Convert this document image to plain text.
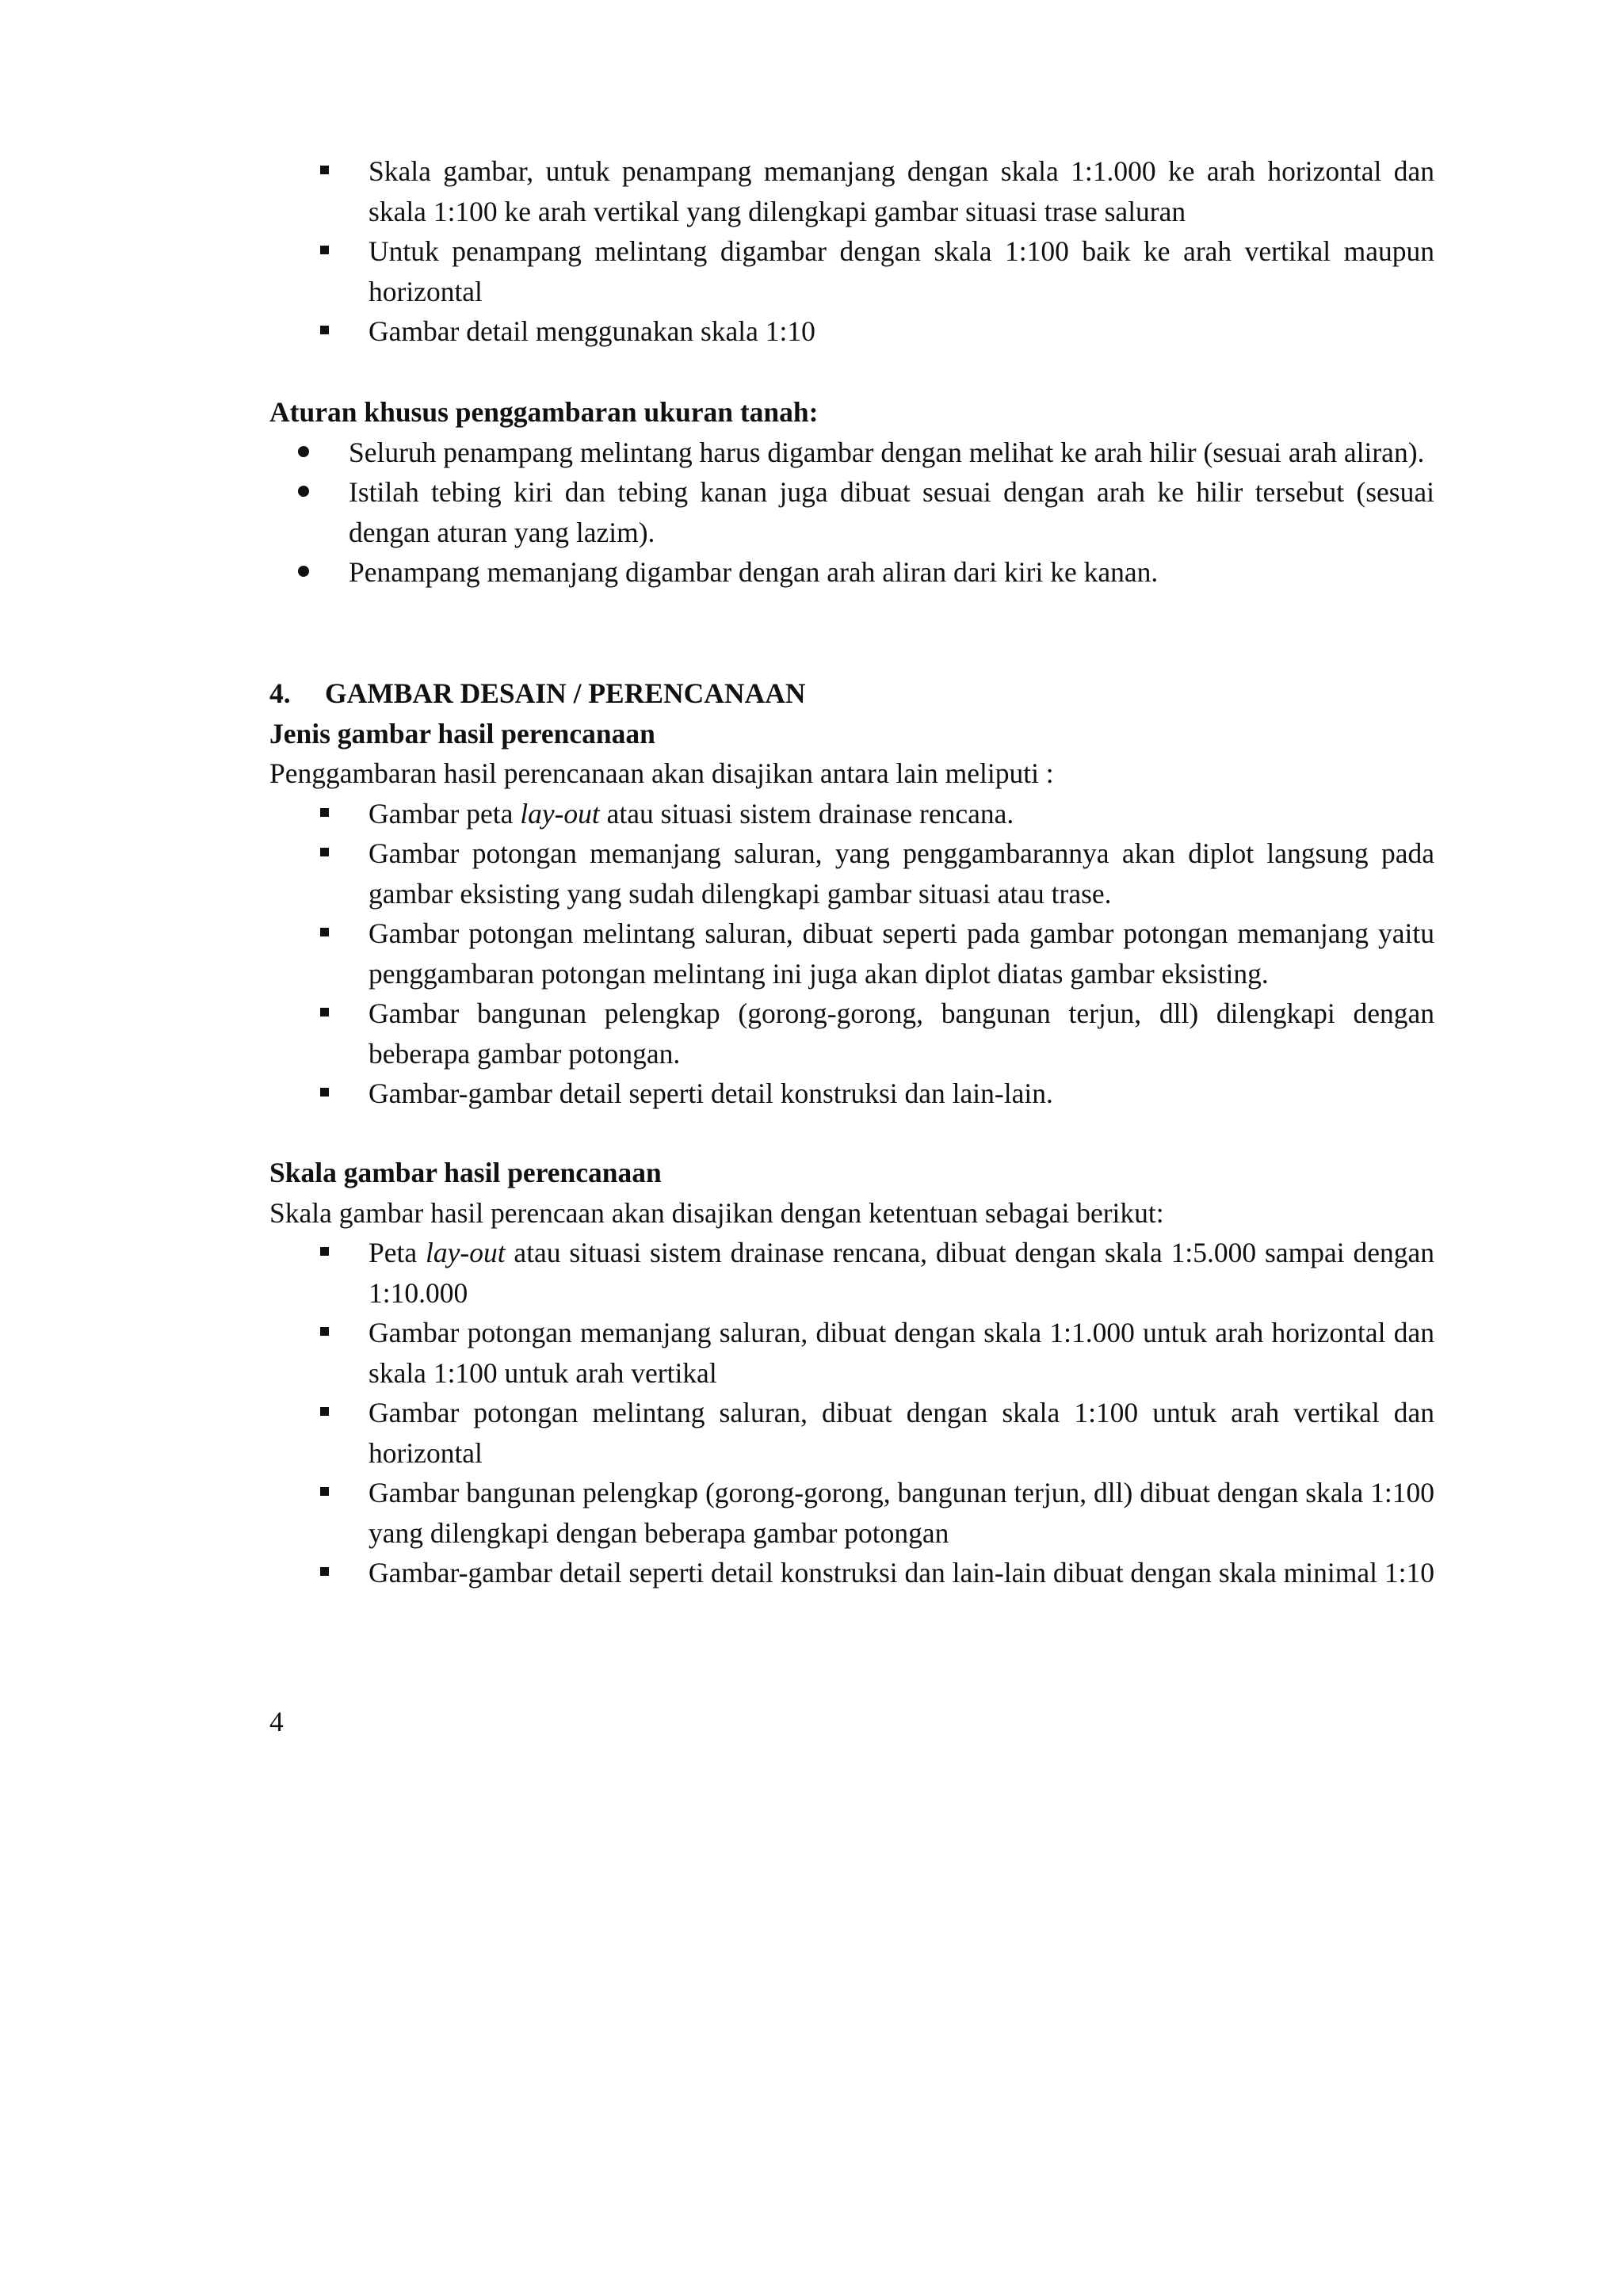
Skala gambar, untuk penampang memanjang dengan skala 1:1.000 ke arah horizontal dan skala 1:100 ke arah vertikal yang dilengkapi gambar situasi trase saluran
Untuk penampang melintang digambar dengan skala 1:100 baik ke arah vertikal maupun horizontal
Gambar detail menggunakan skala 1:10

Aturan khusus penggambaran ukuran tanah:

Seluruh penampang melintang harus digambar dengan melihat ke arah hilir (sesuai arah aliran).
Istilah tebing kiri dan tebing kanan juga dibuat sesuai dengan arah ke hilir tersebut (sesuai dengan aturan yang lazim).
Penampang memanjang digambar dengan arah aliran dari kiri ke kanan.

4. GAMBAR DESAIN / PERENCANAAN

Jenis gambar hasil perencanaan

Penggambaran hasil perencanaan akan disajikan antara lain meliputi :

Gambar peta lay-out atau situasi sistem drainase rencana.
Gambar potongan memanjang saluran, yang penggambarannya akan diplot langsung pada gambar eksisting yang sudah dilengkapi gambar situasi atau trase.
Gambar potongan melintang saluran, dibuat seperti pada gambar potongan memanjang yaitu penggambaran potongan melintang ini juga akan diplot diatas gambar eksisting.
Gambar bangunan pelengkap (gorong-gorong, bangunan terjun, dll) dilengkapi dengan beberapa gambar potongan.
Gambar-gambar detail seperti detail konstruksi dan lain-lain.

Skala gambar hasil perencanaan

Skala gambar hasil perencaan akan disajikan dengan ketentuan sebagai berikut:

Peta lay-out atau situasi sistem drainase rencana, dibuat dengan skala 1:5.000 sampai dengan 1:10.000
Gambar potongan memanjang saluran, dibuat dengan skala 1:1.000 untuk arah horizontal dan skala 1:100 untuk arah vertikal
Gambar potongan melintang saluran, dibuat dengan skala 1:100 untuk arah vertikal dan horizontal
Gambar bangunan pelengkap (gorong-gorong, bangunan terjun, dll) dibuat dengan skala 1:100 yang dilengkapi dengan beberapa gambar potongan
Gambar-gambar detail seperti detail konstruksi dan lain-lain dibuat dengan skala minimal 1:10
4
